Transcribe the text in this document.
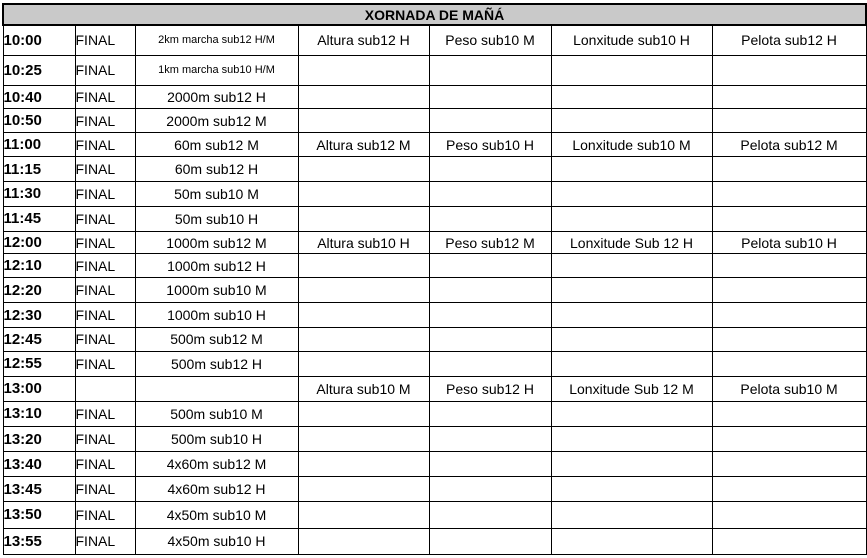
XORNADA DE MAÑÁ						
10:00	FINAL	2km marcha sub12 H/M	Altura sub12 H	Peso sub10 M	Lonxitude sub10 H	Pelota sub12 H
10:25	FINAL	1km marcha sub10 H/M				
10:40	FINAL	2000m sub12 H				
10:50	FINAL	2000m sub12 M				
11:00	FINAL	60m sub12 M	Altura sub12 M	Peso sub10 H	Lonxitude sub10 M	Pelota sub12 M
11:15	FINAL	60m sub12 H				
11:30	FINAL	50m sub10 M				
11:45	FINAL	50m sub10 H				
12:00	FINAL	1000m sub12 M	Altura sub10 H	Peso sub12 M	Lonxitude Sub 12 H	Pelota sub10 H
12:10	FINAL	1000m sub12 H				
12:20	FINAL	1000m sub10 M				
12:30	FINAL	1000m sub10 H				
12:45	FINAL	500m sub12 M				
12:55	FINAL	500m sub12 H				
13:00			Altura sub10 M	Peso sub12 H	Lonxitude Sub 12 M	Pelota sub10 M
13:10	FINAL	500m sub10 M				
13:20	FINAL	500m sub10 H				
13:40	FINAL	4x60m sub12 M				
13:45	FINAL	4x60m sub12 H				
13:50	FINAL	4x50m sub10 M				
13:55	FINAL	4x50m sub10 H				
